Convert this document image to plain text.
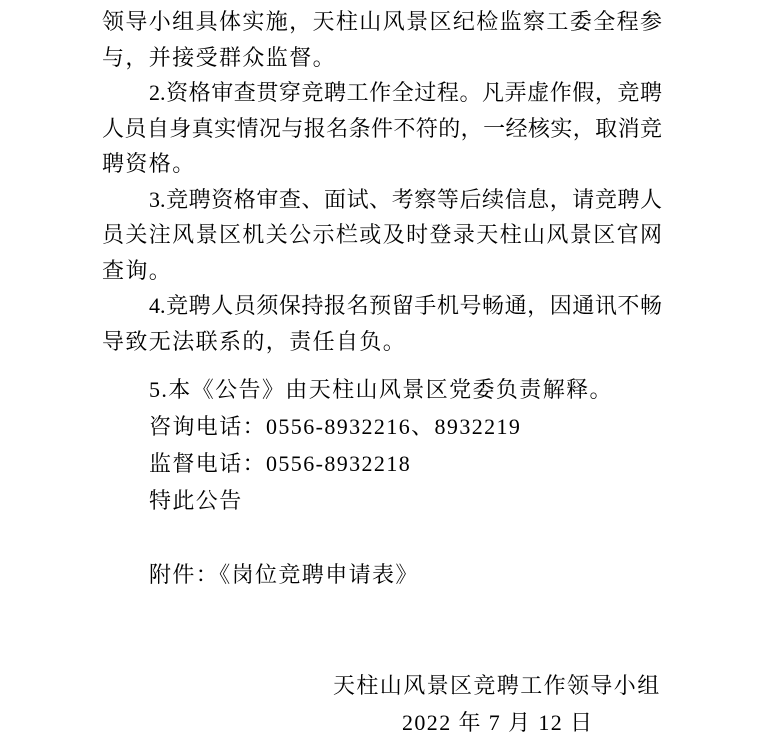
领导小组具体实施，天柱山风景区纪检监察工委全程参
与，并接受群众监督。
2.资格审查贯穿竞聘工作全过程。凡弄虚作假，竞聘
人员自身真实情况与报名条件不符的，一经核实，取消竞
聘资格。
3.竞聘资格审查、面试、考察等后续信息，请竞聘人
员关注风景区机关公示栏或及时登录天柱山风景区官网
查询。
4.竞聘人员须保持报名预留手机号畅通，因通讯不畅
导致无法联系的，责任自负。
5.本《公告》由天柱山风景区党委负责解释。
咨询电话：0556-8932216、8932219
监督电话：0556-8932218
特此公告
附件：《岗位竞聘申请表》
天柱山风景区竞聘工作领导小组
2022 年 7 月 12 日
